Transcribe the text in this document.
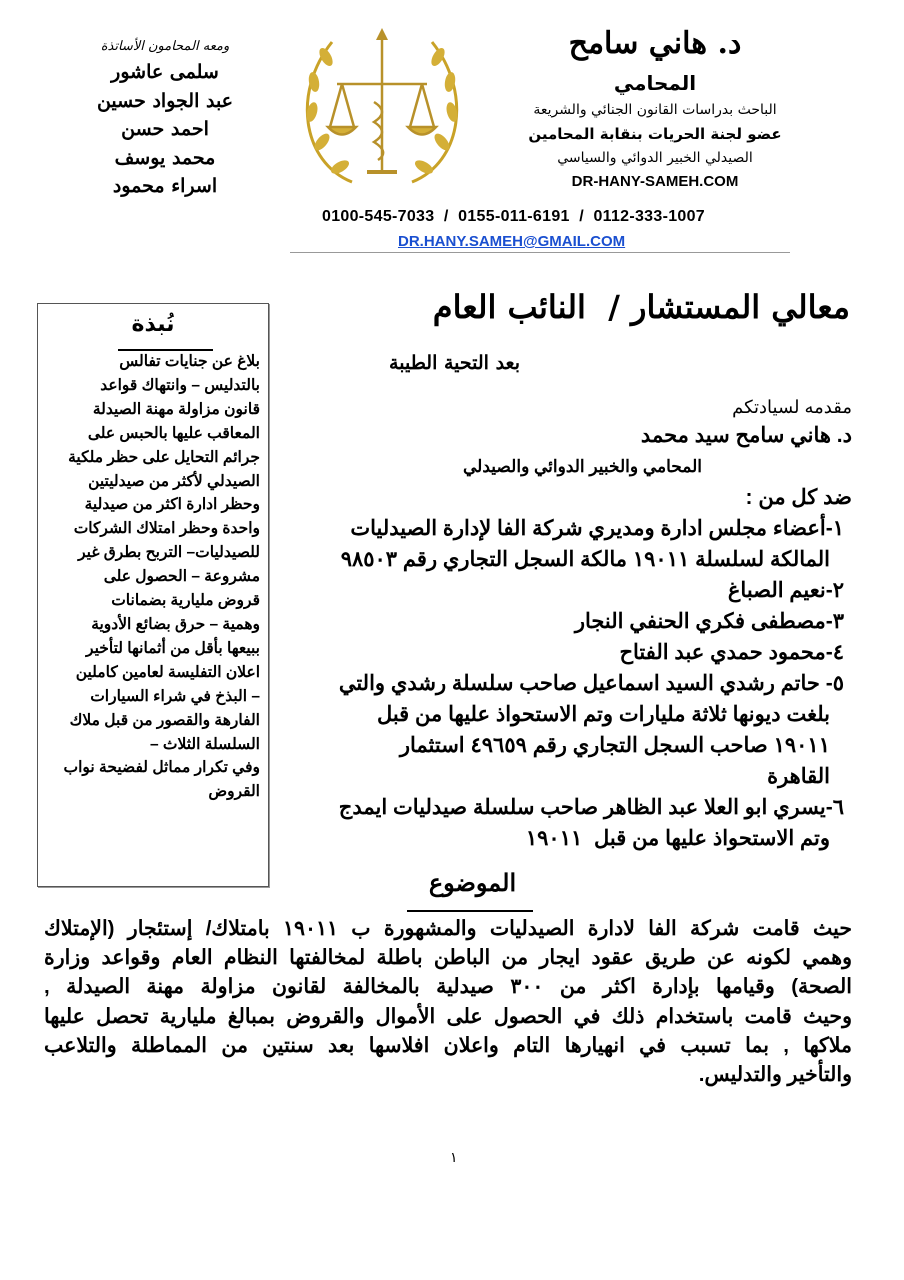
د. هاني سامح
المحامي
الباحث بدراسات القانون الجنائي والشريعة
عضو لجنة الحريات بنقابة المحامين
الصيدلي الخبير الدوائي والسياسي
DR-HANY-SAMEH.COM
0100-545-7033  /  0155-011-6191  /  0112-333-1007
DR.HANY.SAMEH@GMAIL.COM
ومعه المحامون الأساتذة
سلمى عاشور
عبد الجواد حسين
احمد حسن
محمد يوسف
اسراء محمود
معالي المستشار /  النائب العام
بعد التحية الطيبة
مقدمه لسيادتكم
د. هاني سامح سيد محمد
المحامي والخبير الدوائي والصيدلي
ضد كل من :
١-أعضاء مجلس ادارة ومديري شركة الفا لإدارة الصيدليات
المالكة لسلسلة ١٩٠١١ مالكة السجل التجاري رقم ٩٨٥٠٣
٢-نعيم الصباغ
٣-مصطفى فكري الحنفي النجار
٤-محمود حمدي عبد الفتاح
٥- حاتم رشدي السيد اسماعيل صاحب سلسلة رشدي والتي
بلغت ديونها ثلاثة مليارات وتم الاستحواذ عليها من قبل
١٩٠١١ صاحب السجل التجاري رقم ٤٩٦٥٩ استثمار
القاهرة
٦-يسري ابو العلا عبد الظاهر صاحب سلسلة صيدليات ايمدج
وتم الاستحواذ عليها من قبل  ١٩٠١١
نُبذة
بلاغ عن جنايات تفالس
بالتدليس – وانتهاك قواعد
قانون مزاولة مهنة الصيدلة
المعاقب عليها بالحبس على
جرائم التحايل على حظر ملكية
الصيدلي لأكثر من صيدليتين
وحظر ادارة اكثر من صيدلية
واحدة وحظر امتلاك الشركات
للصيدليات– التربح بطرق غير
مشروعة – الحصول على
قروض مليارية بضمانات
وهمية – حرق بضائع الأدوية
ببيعها بأقل من أثمانها لتأخير
اعلان التفليسة لعامين كاملين
– البذخ في شراء السيارات
الفارهة والقصور من قبل ملاك
السلسلة الثلاث –
وفي تكرار مماثل لفضيحة نواب
القروض
الموضوع
حيث قامت شركة الفا لادارة الصيدليات والمشهورة ب ١٩٠١١ بامتلاك/ إستئجار (الإمتلاك
وهمي لكونه عن طريق عقود ايجار من الباطن باطلة لمخالفتها النظام العام وقواعد وزارة
الصحة) وقيامها بإدارة اكثر من ٣٠٠ صيدلية بالمخالفة لقانون مزاولة مهنة الصيدلة ,
وحيث قامت باستخدام ذلك في الحصول على الأموال والقروض بمبالغ مليارية تحصل عليها
ملاكها , بما تسبب في انهيارها التام واعلان افلاسها بعد سنتين من المماطلة والتلاعب
والتأخير والتدليس.
١
